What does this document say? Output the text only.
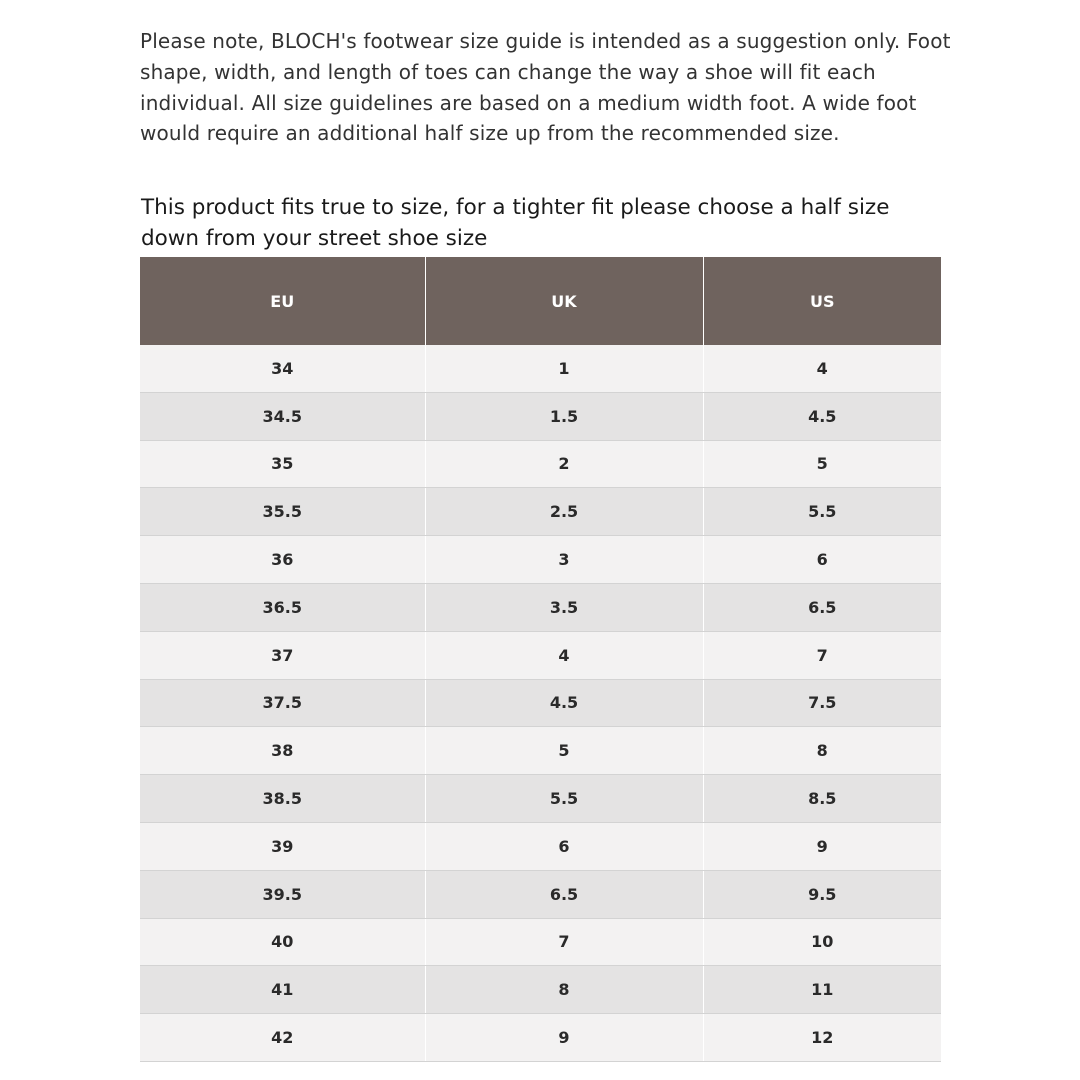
Please note, BLOCH's footwear size guide is intended as a suggestion only. Foot shape, width, and length of toes can change the way a shoe will fit each individual. All size guidelines are based on a medium width foot. A wide foot would require an additional half size up from the recommended size.

This product fits true to size, for a tighter fit please choose a half size down from your street shoe size

EU	UK	US
34	1	4
34.5	1.5	4.5
35	2	5
35.5	2.5	5.5
36	3	6
36.5	3.5	6.5
37	4	7
37.5	4.5	7.5
38	5	8
38.5	5.5	8.5
39	6	9
39.5	6.5	9.5
40	7	10
41	8	11
42	9	12
